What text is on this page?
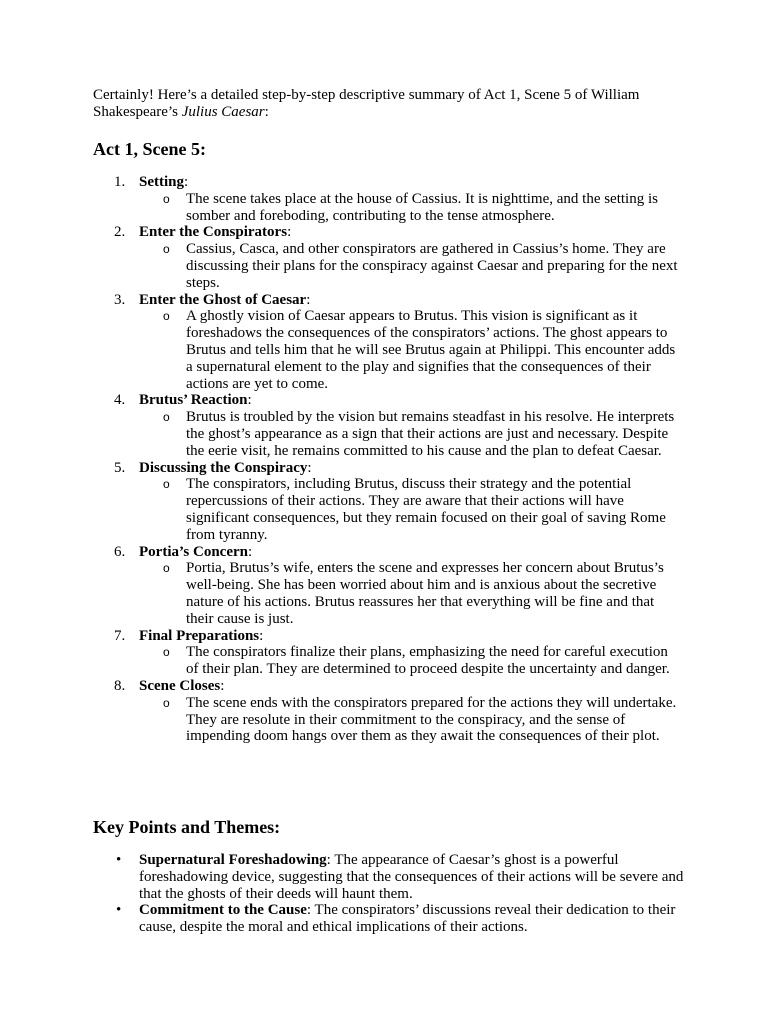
Certainly! Here’s a detailed step-by-step descriptive summary of Act 1, Scene 5 of William Shakespeare’s Julius Caesar:

Act 1, Scene 5:
1. Setting:
o The scene takes place at the house of Cassius. It is nighttime, and the setting is somber and foreboding, contributing to the tense atmosphere.
2. Enter the Conspirators:
o Cassius, Casca, and other conspirators are gathered in Cassius’s home. They are discussing their plans for the conspiracy against Caesar and preparing for the next steps.
3. Enter the Ghost of Caesar:
o A ghostly vision of Caesar appears to Brutus. This vision is significant as it foreshadows the consequences of the conspirators’ actions. The ghost appears to Brutus and tells him that he will see Brutus again at Philippi. This encounter adds a supernatural element to the play and signifies that the consequences of their actions are yet to come.
4. Brutus’ Reaction:
o Brutus is troubled by the vision but remains steadfast in his resolve. He interprets the ghost’s appearance as a sign that their actions are just and necessary. Despite the eerie visit, he remains committed to his cause and the plan to defeat Caesar.
5. Discussing the Conspiracy:
o The conspirators, including Brutus, discuss their strategy and the potential repercussions of their actions. They are aware that their actions will have significant consequences, but they remain focused on their goal of saving Rome from tyranny.
6. Portia’s Concern:
o Portia, Brutus’s wife, enters the scene and expresses her concern about Brutus’s well-being. She has been worried about him and is anxious about the secretive nature of his actions. Brutus reassures her that everything will be fine and that their cause is just.
7. Final Preparations:
o The conspirators finalize their plans, emphasizing the need for careful execution of their plan. They are determined to proceed despite the uncertainty and danger.
8. Scene Closes:
o The scene ends with the conspirators prepared for the actions they will undertake. They are resolute in their commitment to the conspiracy, and the sense of impending doom hangs over them as they await the consequences of their plot.
Key Points and Themes:
• Supernatural Foreshadowing: The appearance of Caesar’s ghost is a powerful foreshadowing device, suggesting that the consequences of their actions will be severe and that the ghosts of their deeds will haunt them.
• Commitment to the Cause: The conspirators’ discussions reveal their dedication to their cause, despite the moral and ethical implications of their actions.
